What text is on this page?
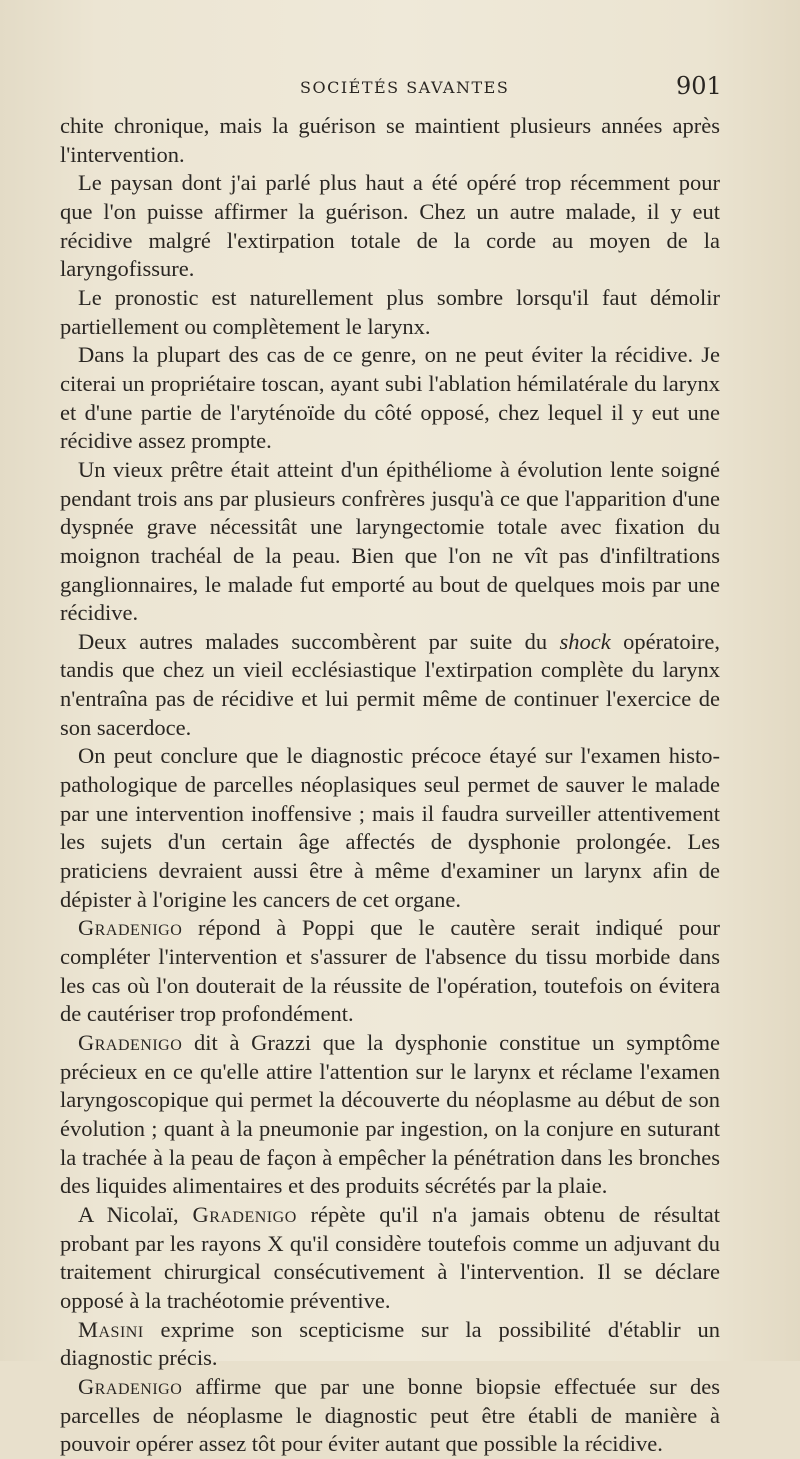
SOCIÉTÉS SAVANTES	901

chite chronique, mais la guérison se maintient plusieurs années après l'intervention.

Le paysan dont j'ai parlé plus haut a été opéré trop récemment pour que l'on puisse affirmer la guérison. Chez un autre malade, il y eut récidive malgré l'extirpation totale de la corde au moyen de la laryngofissure.

Le pronostic est naturellement plus sombre lorsqu'il faut démolir partiellement ou complètement le larynx.

Dans la plupart des cas de ce genre, on ne peut éviter la récidive. Je citerai un propriétaire toscan, ayant subi l'ablation hémilatérale du larynx et d'une partie de l'aryténoïde du côté opposé, chez lequel il y eut une récidive assez prompte.

Un vieux prêtre était atteint d'un épithéliome à évolution lente soigné pendant trois ans par plusieurs confrères jusqu'à ce que l'apparition d'une dyspnée grave nécessitât une laryngectomie totale avec fixation du moignon trachéal de la peau. Bien que l'on ne vît pas d'infiltrations ganglionnaires, le malade fut emporté au bout de quelques mois par une récidive.

Deux autres malades succombèrent par suite du shock opératoire, tandis que chez un vieil ecclésiastique l'extirpation complète du larynx n'entraîna pas de récidive et lui permit même de continuer l'exercice de son sacerdoce.

On peut conclure que le diagnostic précoce étayé sur l'examen histo-pathologique de parcelles néoplasiques seul permet de sauver le malade par une intervention inoffensive ; mais il faudra surveiller attentivement les sujets d'un certain âge affectés de dysphonie prolongée. Les praticiens devraient aussi être à même d'examiner un larynx afin de dépister à l'origine les cancers de cet organe.

Gradenigo répond à Poppi que le cautère serait indiqué pour compléter l'intervention et s'assurer de l'absence du tissu morbide dans les cas où l'on douterait de la réussite de l'opération, toutefois on évitera de cautériser trop profondément.

Gradenigo dit à Grazzi que la dysphonie constitue un symptôme précieux en ce qu'elle attire l'attention sur le larynx et réclame l'examen laryngoscopique qui permet la découverte du néoplasme au début de son évolution ; quant à la pneumonie par ingestion, on la conjure en suturant la trachée à la peau de façon à empêcher la pénétration dans les bronches des liquides alimentaires et des produits sécrétés par la plaie.

A Nicolaï, Gradenigo répète qu'il n'a jamais obtenu de résultat probant par les rayons X qu'il considère toutefois comme un adjuvant du traitement chirurgical consécutivement à l'intervention. Il se déclare opposé à la trachéotomie préventive.

Masini exprime son scepticisme sur la possibilité d'établir un diagnostic précis.

Gradenigo affirme que par une bonne biopsie effectuée sur des parcelles de néoplasme le diagnostic peut être établi de manière à pouvoir opérer assez tôt pour éviter autant que possible la récidive.
